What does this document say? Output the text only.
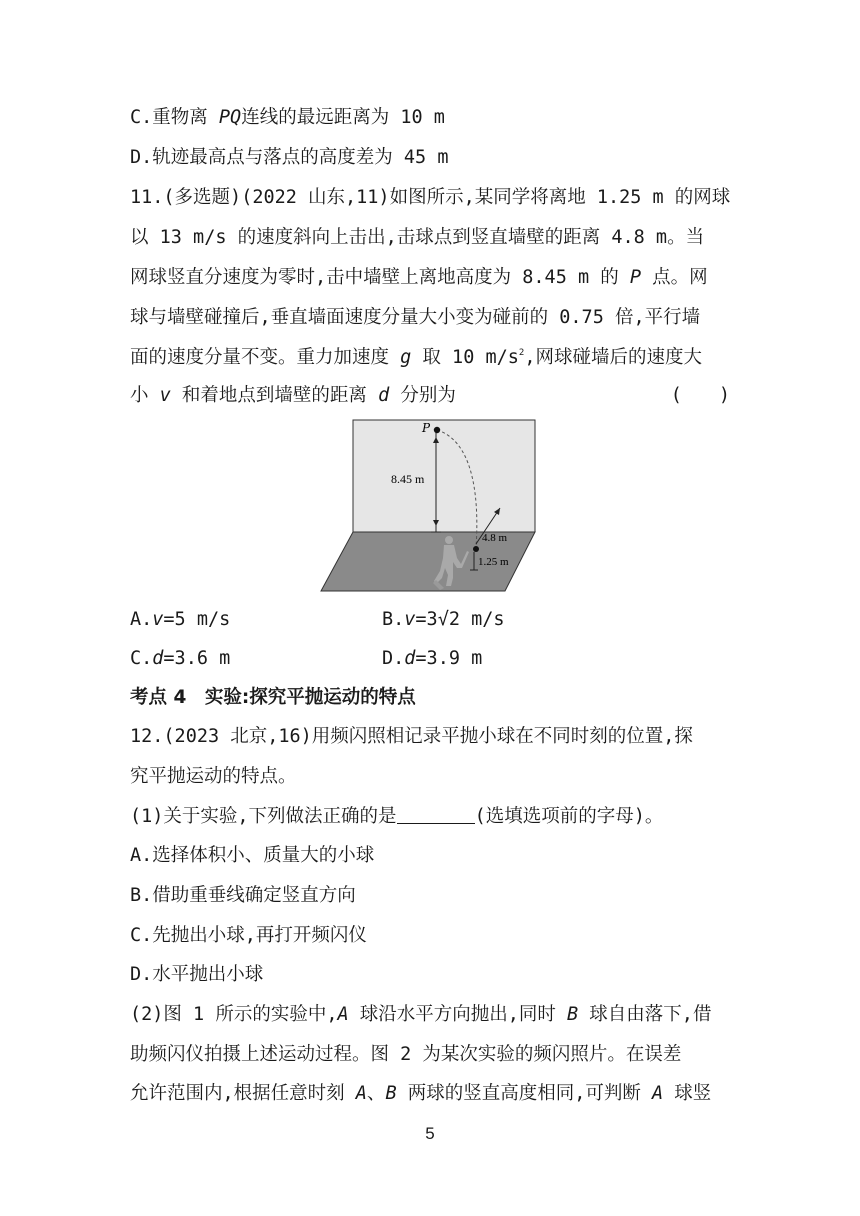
C.重物离 PQ连线的最远距离为 10 m
D.轨迹最高点与落点的高度差为 45 m
11.(多选题)(2022 山东,11)如图所示,某同学将离地 1.25 m 的网球
以 13 m/s 的速度斜向上击出,击球点到竖直墙壁的距离 4.8 m。当
网球竖直分速度为零时,击中墙壁上离地高度为 8.45 m 的 P 点。网
球与墙壁碰撞后,垂直墙面速度分量大小变为碰前的 0.75 倍,平行墙
面的速度分量不变。重力加速度 g 取 10 $m/s^2$,网球碰墙后的速度大
小 v 和着地点到墙壁的距离 d 分别为	(　　)
P
8.45 m
4.8 m
1.25 m
A.v=5 m/s	B.v=3√2 m/s
C.d=3.6 m	D.d=3.9 m
考点 4　实验:探究平抛运动的特点
12.(2023 北京,16)用频闪照相记录平抛小球在不同时刻的位置,探
究平抛运动的特点。
(1)关于实验,下列做法正确的是	(选填选项前的字母)。
A.选择体积小、质量大的小球
B.借助重垂线确定竖直方向
C.先抛出小球,再打开频闪仪
D.水平抛出小球
(2)图 1 所示的实验中,A 球沿水平方向抛出,同时 B 球自由落下,借
助频闪仪拍摄上述运动过程。图 2 为某次实验的频闪照片。在误差
允许范围内,根据任意时刻 A、B 两球的竖直高度相同,可判断 A 球竖
5
